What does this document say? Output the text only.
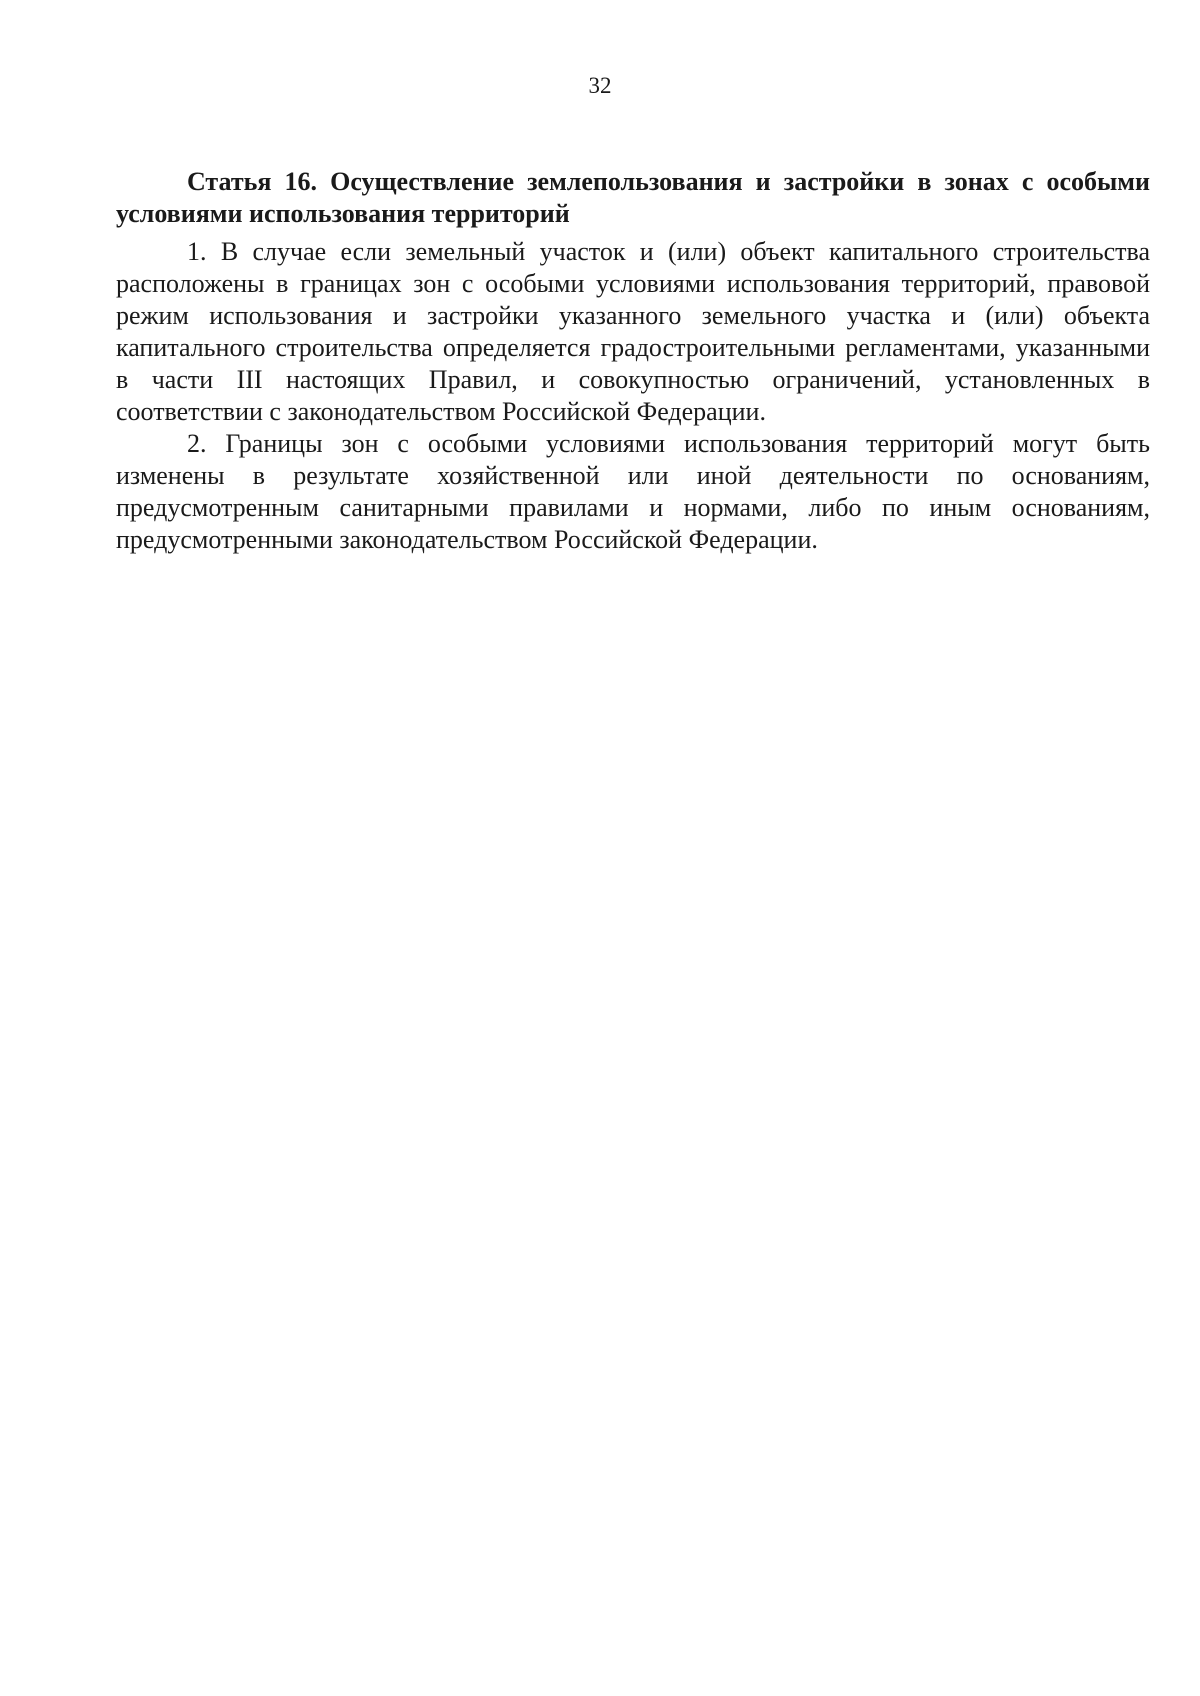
32

Статья 16. Осуществление землепользования и застройки в зонах с особыми условиями использования территорий

1. В случае если земельный участок и (или) объект капитального строительства расположены в границах зон с особыми условиями использования территорий, правовой режим использования и застройки указанного земельного участка и (или) объекта капитального строительства определяется градостроительными регламентами, указанными в части III настоящих Правил, и совокупностью ограничений, установленных в соответствии с законодательством Российской Федерации.

2. Границы зон с особыми условиями использования территорий могут быть изменены в результате хозяйственной или иной деятельности по основаниям, предусмотренным санитарными правилами и нормами, либо по иным основаниям, предусмотренными законодательством Российской Федерации.
